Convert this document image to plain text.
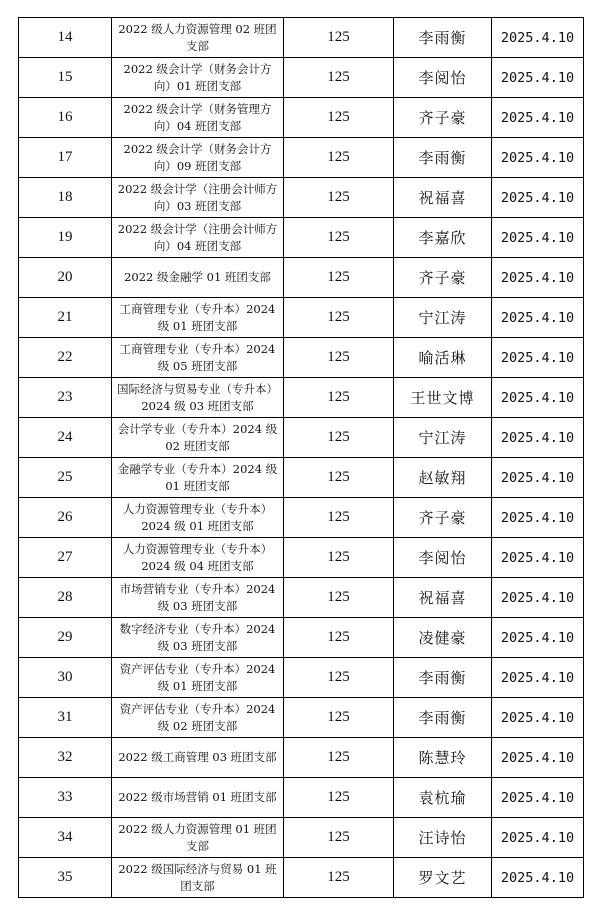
14	2022 级人力资源管理 02 班团支部	125	李雨衡	2025.4.10
15	2022 级会计学（财务会计方向）01 班团支部	125	李阅怡	2025.4.10
16	2022 级会计学（财务管理方向）04 班团支部	125	齐子豪	2025.4.10
17	2022 级会计学（财务会计方向）09 班团支部	125	李雨衡	2025.4.10
18	2022 级会计学（注册会计师方向）03 班团支部	125	祝福喜	2025.4.10
19	2022 级会计学（注册会计师方向）04 班团支部	125	李嘉欣	2025.4.10
20	2022 级金融学 01 班团支部	125	齐子豪	2025.4.10
21	工商管理专业（专升本）2024 级 01 班团支部	125	宁江涛	2025.4.10
22	工商管理专业（专升本）2024 级 05 班团支部	125	喻活琳	2025.4.10
23	国际经济与贸易专业（专升本）2024 级 03 班团支部	125	王世文博	2025.4.10
24	会计学专业（专升本）2024 级 02 班团支部	125	宁江涛	2025.4.10
25	金融学专业（专升本）2024 级 01 班团支部	125	赵敏翔	2025.4.10
26	人力资源管理专业（专升本）2024 级 01 班团支部	125	齐子豪	2025.4.10
27	人力资源管理专业（专升本）2024 级 04 班团支部	125	李阅怡	2025.4.10
28	市场营销专业（专升本）2024 级 03 班团支部	125	祝福喜	2025.4.10
29	数字经济专业（专升本）2024 级 03 班团支部	125	凌健豪	2025.4.10
30	资产评估专业（专升本）2024 级 01 班团支部	125	李雨衡	2025.4.10
31	资产评估专业（专升本）2024 级 02 班团支部	125	李雨衡	2025.4.10
32	2022 级工商管理 03 班团支部	125	陈慧玲	2025.4.10
33	2022 级市场营销 01 班团支部	125	袁杭瑜	2025.4.10
34	2022 级人力资源管理 01 班团支部	125	汪诗怡	2025.4.10
35	2022 级国际经济与贸易 01 班团支部	125	罗文艺	2025.4.10
